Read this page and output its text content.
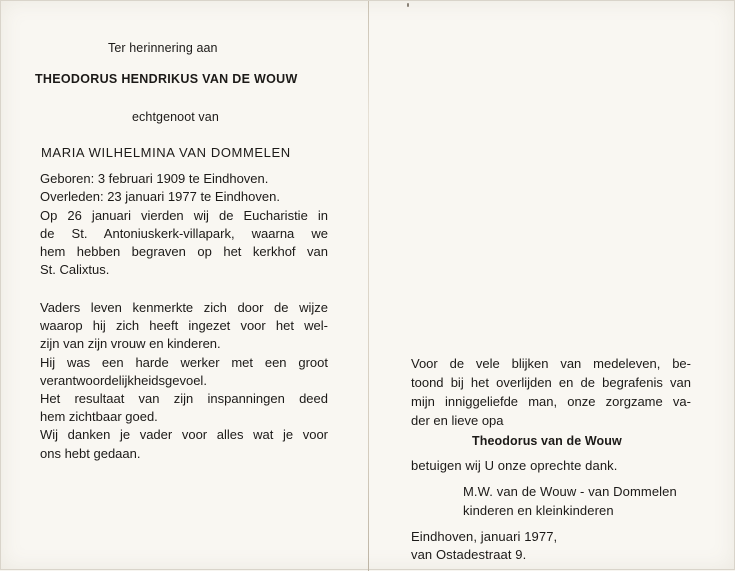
Ter herinnering aan

THEODORUS HENDRIKUS VAN DE WOUW

echtgenoot van

MARIA WILHELMINA VAN DOMMELEN

Geboren: 3 februari 1909 te Eindhoven.
Overleden: 23 januari 1977 te Eindhoven.
Op 26 januari vierden wij de Eucharistie in
de St. Antoniuskerk-villapark, waarna we
hem hebben begraven op het kerkhof van
St. Calixtus.
Vaders leven kenmerkte zich door de wijze
waarop hij zich heeft ingezet voor het wel-
zijn van zijn vrouw en kinderen.
Hij was een harde werker met een groot
verantwoordelijkheidsgevoel.
Het resultaat van zijn inspanningen deed
hem zichtbaar goed.
Wij danken je vader voor alles wat je voor
ons hebt gedaan.
Voor de vele blijken van medeleven, be-
toond bij het overlijden en de begrafenis van
mijn inniggeliefde man, onze zorgzame va-
der en lieve opa

Theodorus van de Wouw

betuigen wij U onze oprechte dank.

M.W. van de Wouw - van Dommelen

kinderen en kleinkinderen

Eindhoven, januari 1977,

van Ostadestraat 9.
